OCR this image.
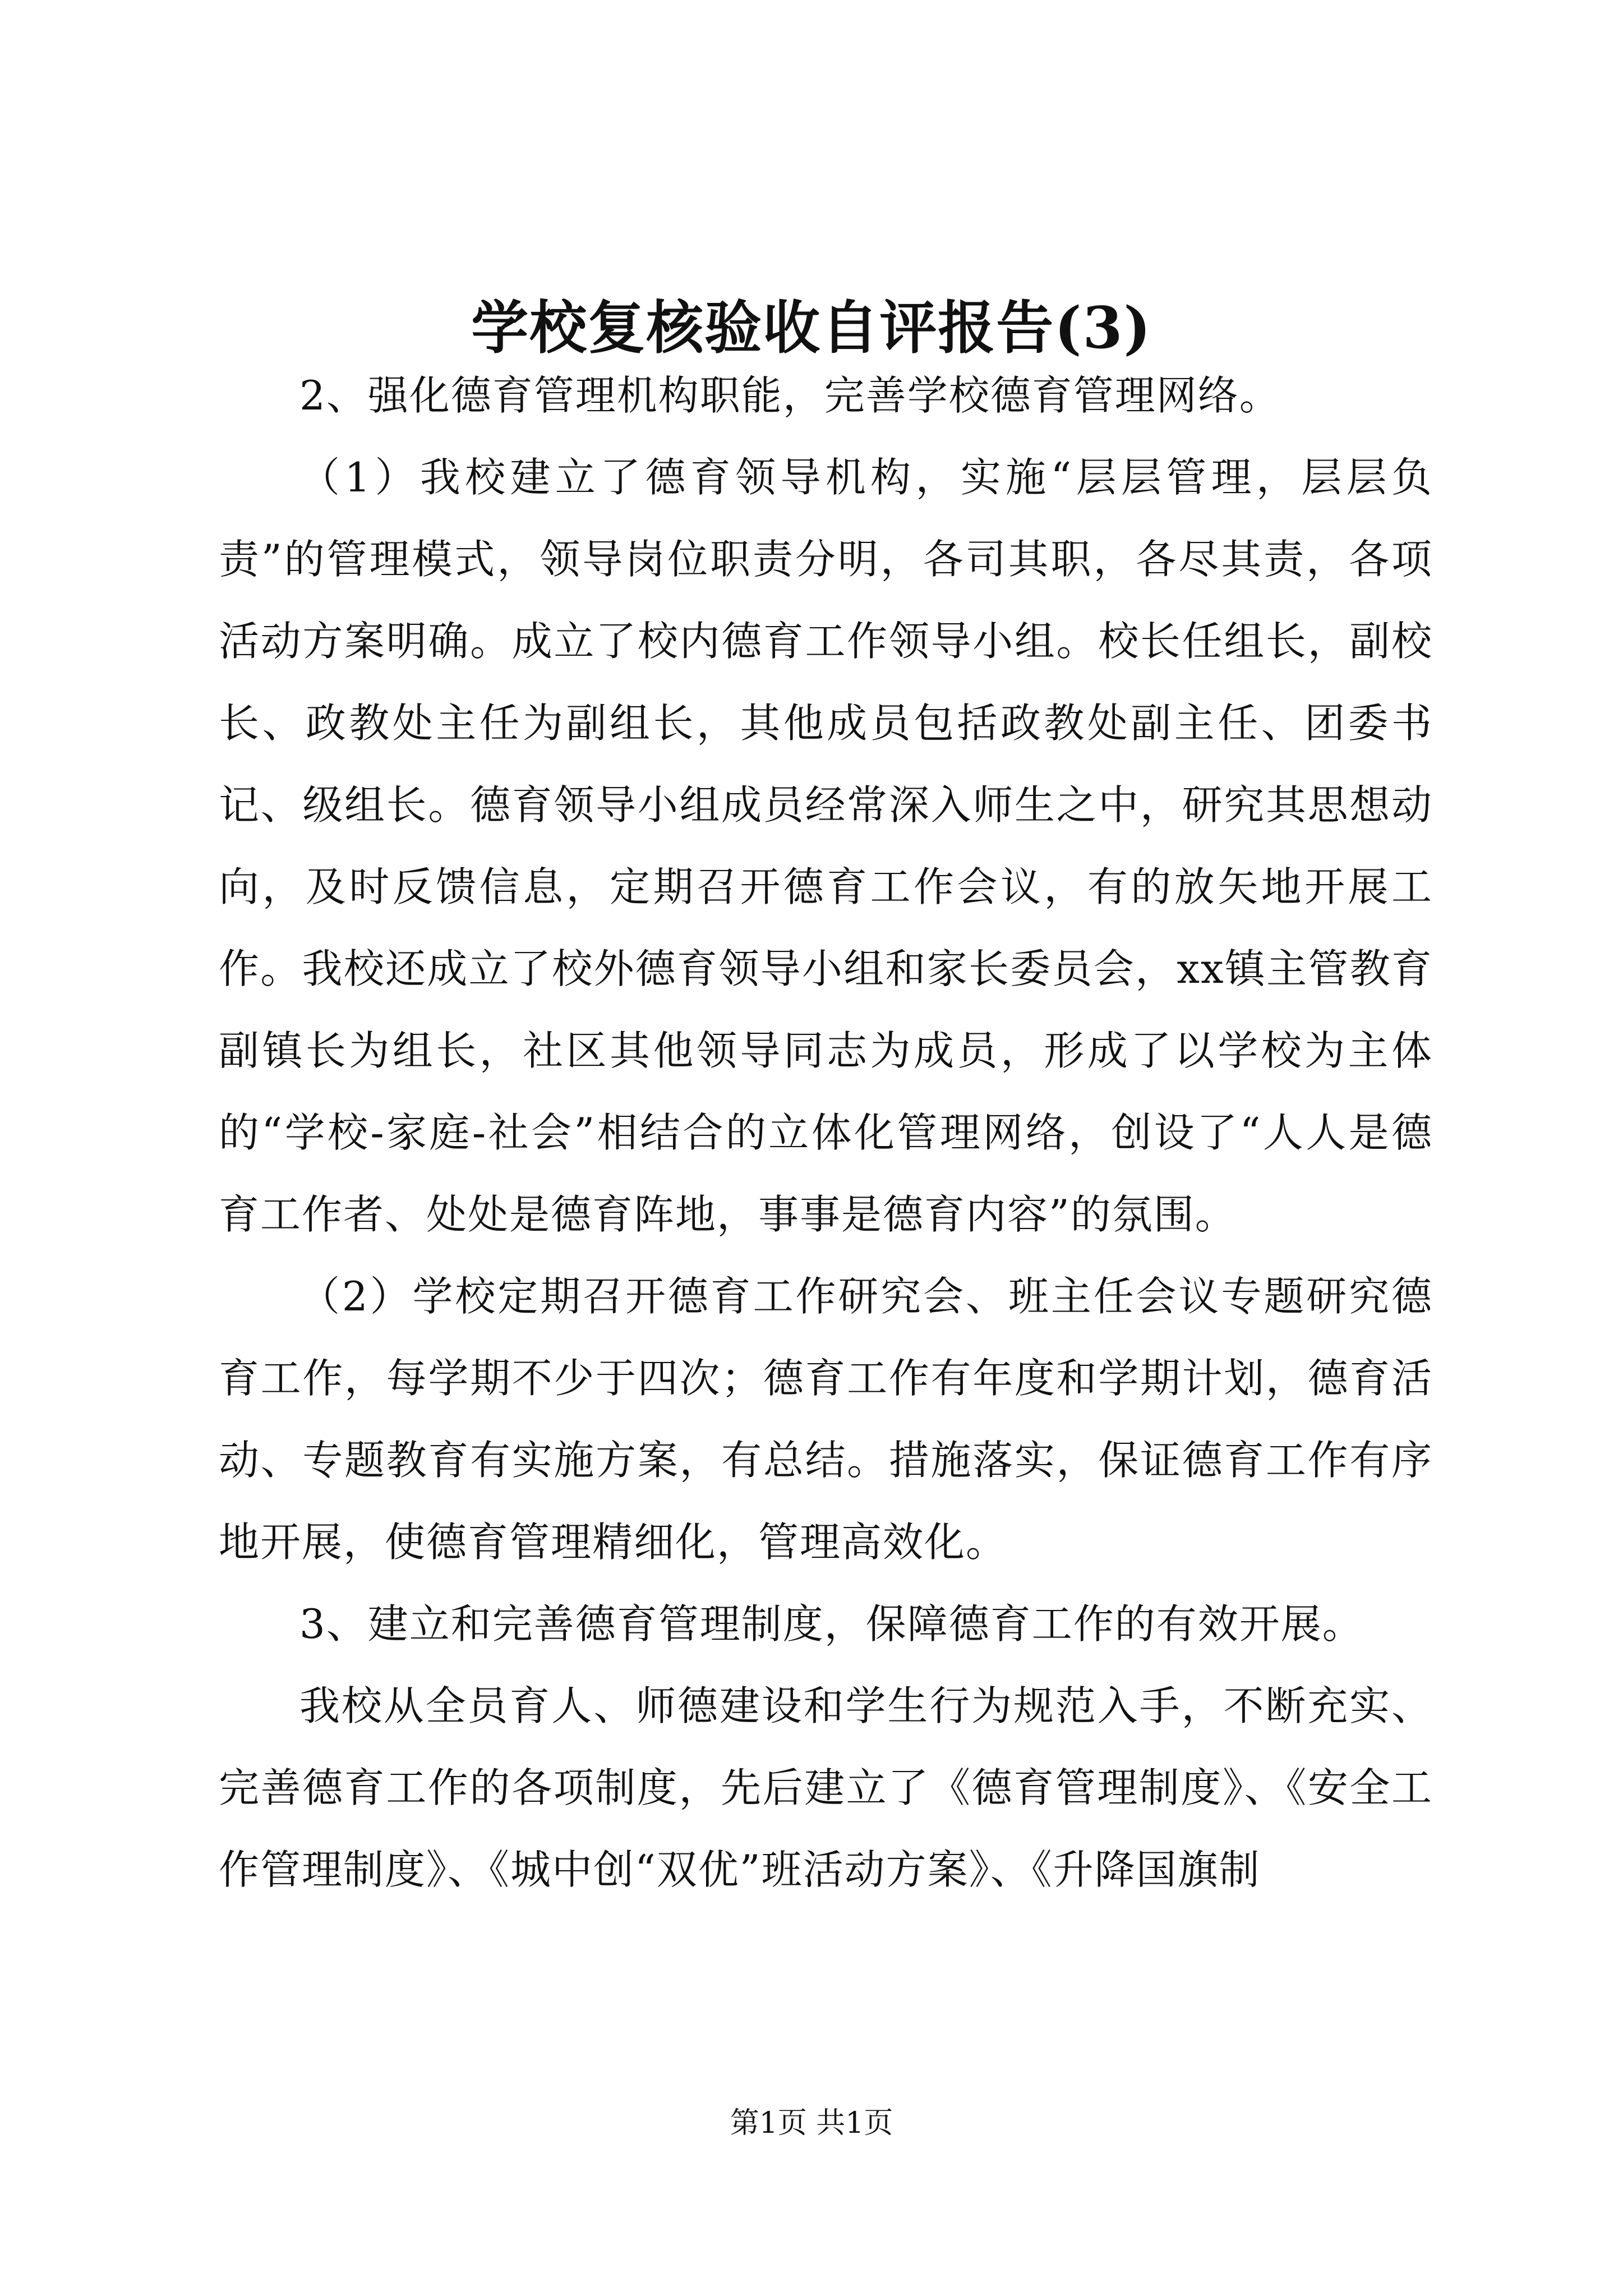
学校复核验收自评报告(3)

2、强化德育管理机构职能，完善学校德育管理网络。

（1）我校建立了德育领导机构，实施“层层管理，层层负责”的管理模式，领导岗位职责分明，各司其职，各尽其责，各项活动方案明确。成立了校内德育工作领导小组。校长任组长，副校长、政教处主任为副组长，其他成员包括政教处副主任、团委书记、级组长。德育领导小组成员经常深入师生之中，研究其思想动向，及时反馈信息，定期召开德育工作会议，有的放矢地开展工作。我校还成立了校外德育领导小组和家长委员会，xx镇主管教育副镇长为组长，社区其他领导同志为成员，形成了以学校为主体的“学校-家庭-社会”相结合的立体化管理网络，创设了“人人是德育工作者、处处是德育阵地，事事是德育内容”的氛围。

（2）学校定期召开德育工作研究会、班主任会议专题研究德育工作，每学期不少于四次；德育工作有年度和学期计划，德育活动、专题教育有实施方案，有总结。措施落实，保证德育工作有序地开展，使德育管理精细化，管理高效化。

3、建立和完善德育管理制度，保障德育工作的有效开展。

我校从全员育人、师德建设和学生行为规范入手，不断充实、完善德育工作的各项制度，先后建立了《德育管理制度》、《安全工作管理制度》、《城中创“双优”班活动方案》、《升降国旗制

第1页 共1页
